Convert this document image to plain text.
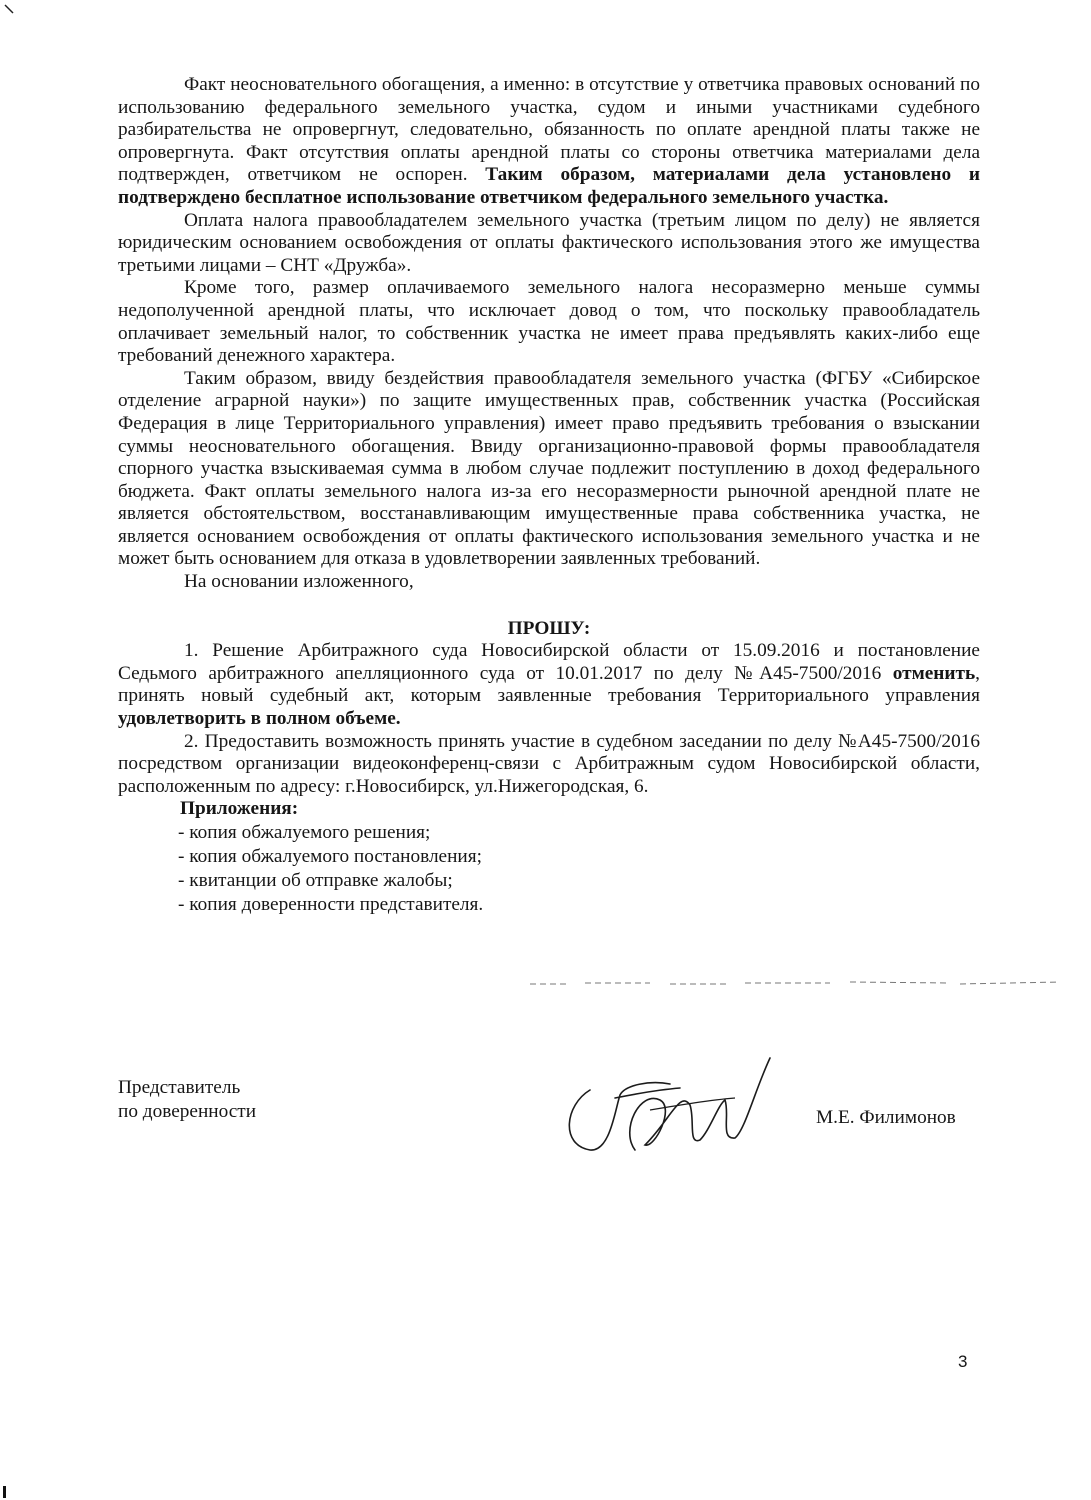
Факт неосновательного обогащения, а именно: в отсутствие у ответчика правовых оснований по использованию федерального земельного участка, судом и иными участниками судебного разбирательства не опровергнут, следовательно, обязанность по оплате арендной платы также не опровергнута. Факт отсутствия оплаты арендной платы со стороны ответчика материалами дела подтвержден, ответчиком не оспорен. Таким образом, материалами дела установлено и подтверждено бесплатное использование ответчиком федерального земельного участка.

Оплата налога правообладателем земельного участка (третьим лицом по делу) не является юридическим основанием освобождения от оплаты фактического использования этого же имущества третьими лицами – СНТ «Дружба».

Кроме того, размер оплачиваемого земельного налога несоразмерно меньше суммы недополученной арендной платы, что исключает довод о том, что поскольку правообладатель оплачивает земельный налог, то собственник участка не имеет права предъявлять каких-либо еще требований денежного характера.

Таким образом, ввиду бездействия правообладателя земельного участка (ФГБУ «Сибирское отделение аграрной науки») по защите имущественных прав, собственник участка (Российская Федерация в лице Территориального управления) имеет право предъявить требования о взыскании суммы неосновательного обогащения. Ввиду организационно-правовой формы правообладателя спорного участка взыскиваемая сумма в любом случае подлежит поступлению в доход федерального бюджета. Факт оплаты земельного налога из-за его несоразмерности рыночной арендной плате не является обстоятельством, восстанавливающим имущественные права собственника участка, не является основанием освобождения от оплаты фактического использования земельного участка и не может быть основанием для отказа в удовлетворении заявленных требований.

На основании изложенного,

ПРОШУ:

1. Решение Арбитражного суда Новосибирской области от 15.09.2016 и постановление Седьмого арбитражного апелляционного суда от 10.01.2017 по делу №А45-7500/2016 отменить, принять новый судебный акт, которым заявленные требования Территориального управления удовлетворить в полном объеме.

2. Предоставить возможность принять участие в судебном заседании по делу №А45-7500/2016 посредством организации видеоконференц-связи с Арбитражным судом Новосибирской области, расположенным по адресу: г.Новосибирск, ул.Нижегородская, 6.

Приложения:

- копия обжалуемого решения;
- копия обжалуемого постановления;
- квитанции об отправке жалобы;
- копия доверенности представителя.
Представитель
по доверенности	М.Е. Филимонов
3
